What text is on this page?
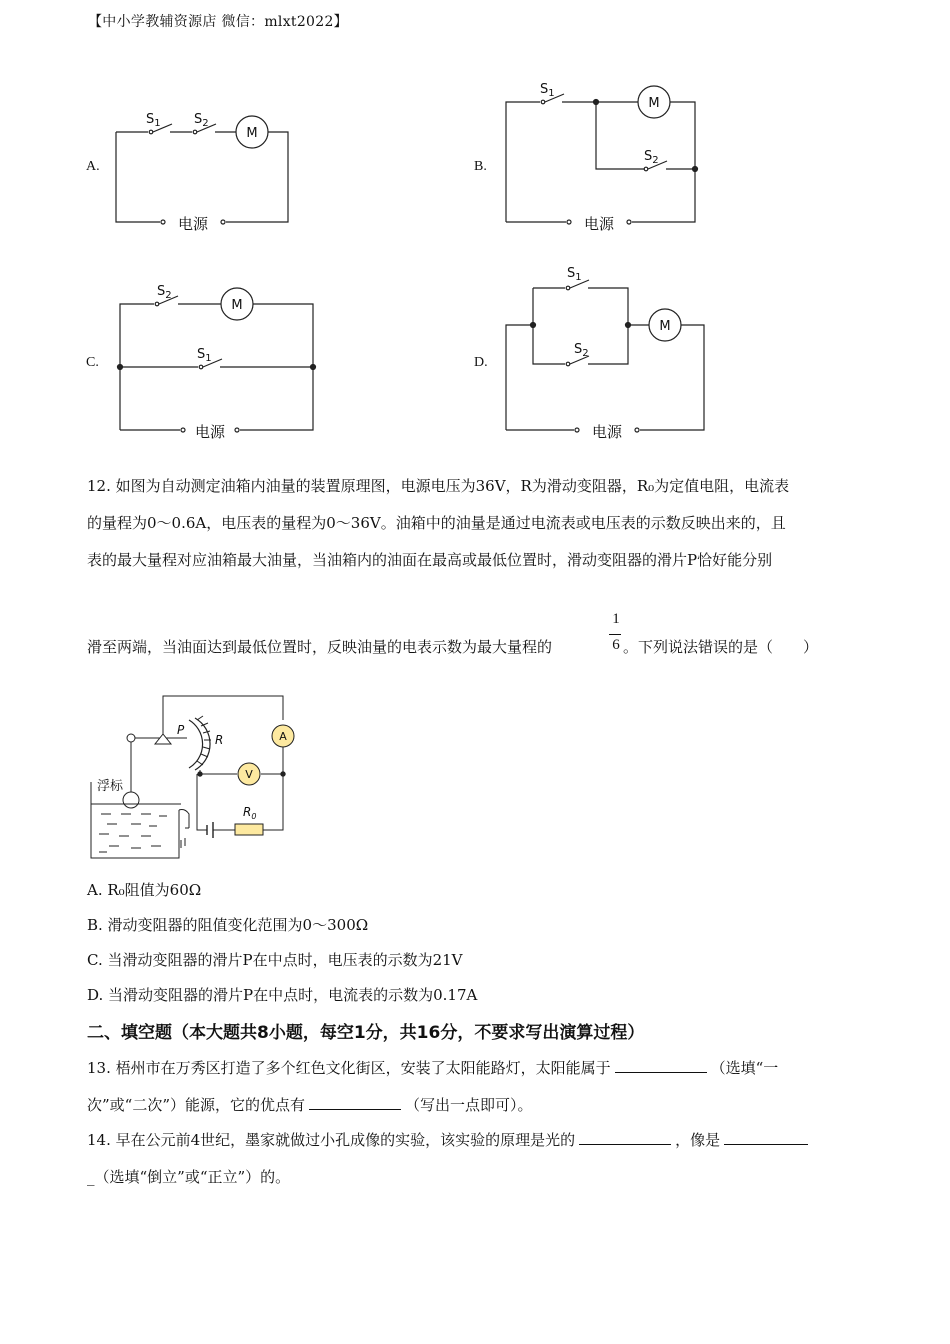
【中小学教辅资源店 微信：mlxt2022】
M
M
M
M
电源	电源
电源	电源
$S_1$	$S_2$
$S_1$
$S_2$
$S_2$
$S_1$
$S_1$
$S_2$
A.	B.
C.	D.
12. 如图为自动测定油箱内油量的装置原理图，电源电压为36V，R为滑动变阻器，R₀为定值电阻，电流表
的量程为0～0.6A，电压表的量程为0～36V。油箱中的油量是通过电流表或电压表的示数反映出来的，且
表的最大量程对应油箱最大油量，当油箱内的油面在最高或最低位置时，滑动变阻器的滑片P恰好能分别
滑至两端，当油面达到最低位置时，反映油量的电表示数为最大量程的
1
6 。下列说法错误的是（　　）
浮标
P
R	A
V
$R_0$
A. R₀阻值为60Ω
B. 滑动变阻器的阻值变化范围为0～300Ω
C. 当滑动变阻器的滑片P在中点时，电压表的示数为21V
D. 当滑动变阻器的滑片P在中点时，电流表的示数为0.17A
二、填空题（本大题共8小题，每空1分，共16分，不要求写出演算过程）
13. 梧州市在万秀区打造了多个红色文化街区，安装了太阳能路灯，太阳能属于	（选填“一
次”或“二次”）能源，它的优点有	（写出一点即可）。
14. 早在公元前4世纪，墨家就做过小孔成像的实验，该实验的原理是光的	，像是
_（选填“倒立”或“正立”）的。
